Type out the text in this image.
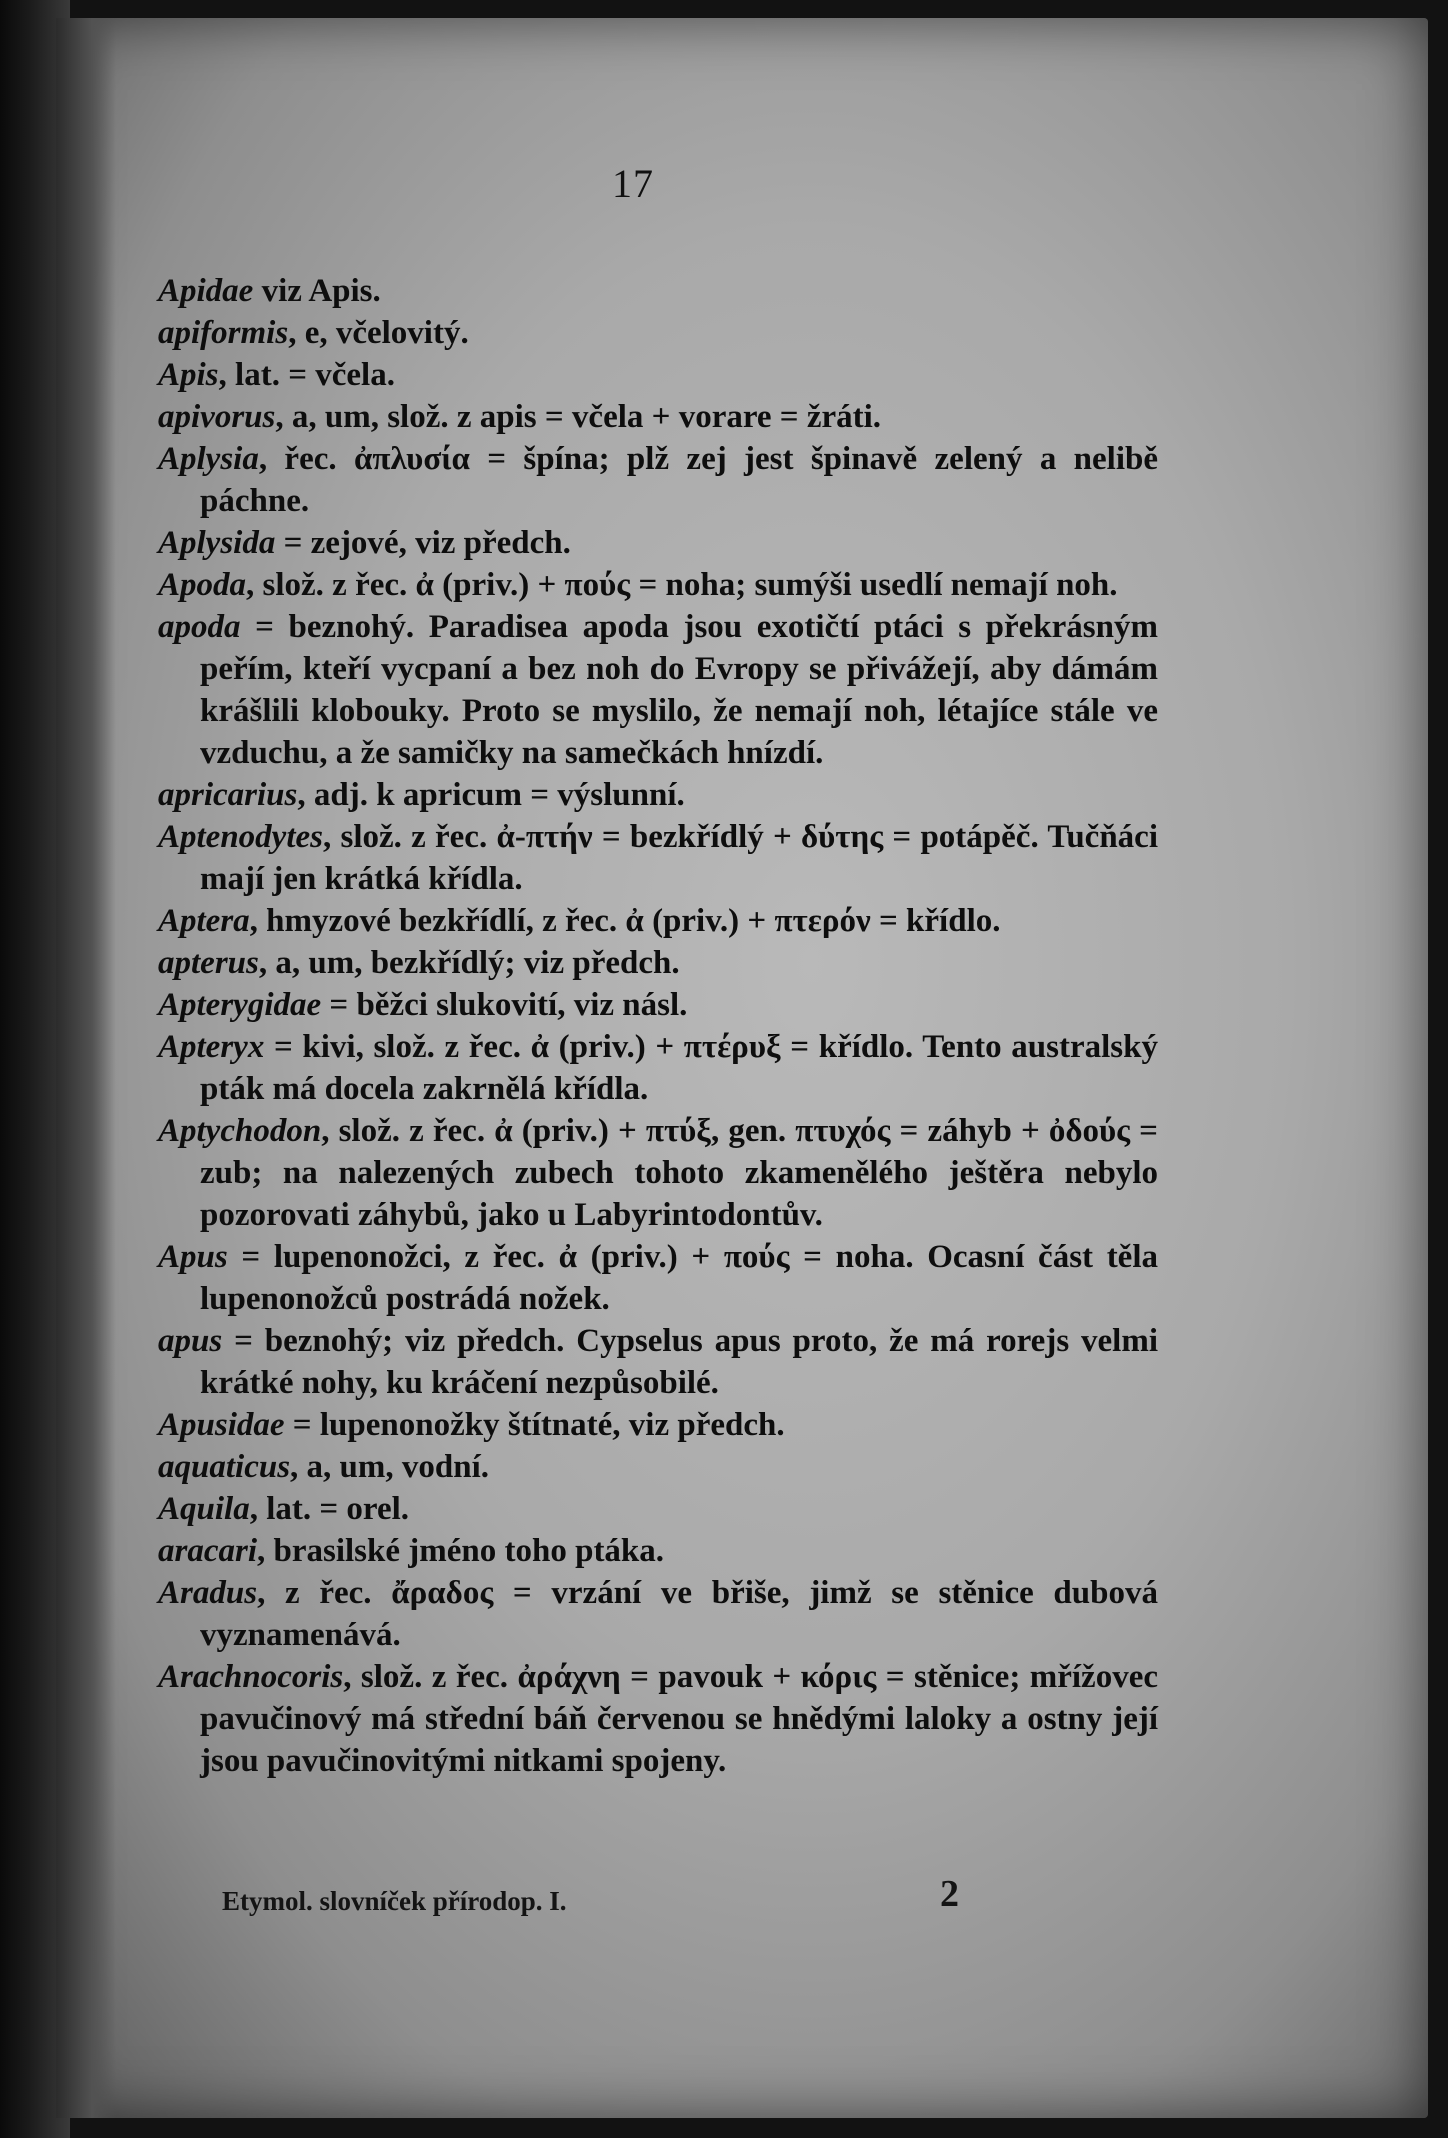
17
Apidae viz Apis.
apiformis, e, včelovitý.
Apis, lat. = včela.
apivorus, a, um, slož. z apis = včela + vorare = žráti.
Aplysia, řec. ἀπλυσία = špína; plž zej jest špinavě zelený a nelibě páchne.
Aplysida = zejové, viz předch.
Apoda, slož. z řec. ἀ (priv.) + πούς = noha; sumýši usedlí nemají noh.
apoda = beznohý. Paradisea apoda jsou exotičtí ptáci s překrásným peřím, kteří vycpaní a bez noh do Evropy se přivážejí, aby dámám krášlili klobouky. Proto se myslilo, že nemají noh, létajíce stále ve vzduchu, a že samičky na samečkách hnízdí.
apricarius, adj. k apricum = výslunní.
Aptenodytes, slož. z řec. ἀ-πτήν = bezkřídlý + δύτης = potápěč. Tučňáci mají jen krátká křídla.
Aptera, hmyzové bezkřídlí, z řec. ἀ (priv.) + πτερόν = křídlo.
apterus, a, um, bezkřídlý; viz předch.
Apterygidae = běžci slukovití, viz násl.
Apteryx = kivi, slož. z řec. ἀ (priv.) + πτέρυξ = křídlo. Tento australský pták má docela zakrnělá křídla.
Aptychodon, slož. z řec. ἀ (priv.) + πτύξ, gen. πτυχός = záhyb + ὀδούς = zub; na nalezených zubech tohoto zkamenělého ještěra nebylo pozorovati záhybů, jako u Labyrintodontův.
Apus = lupenonožci, z řec. ἀ (priv.) + πούς = noha. Ocasní část těla lupenonožců postrádá nožek.
apus = beznohý; viz předch. Cypselus apus proto, že má rorejs velmi krátké nohy, ku kráčení nezpůsobilé.
Apusidae = lupenonožky štítnaté, viz předch.
aquaticus, a, um, vodní.
Aquila, lat. = orel.
aracari, brasilské jméno toho ptáka.
Aradus, z řec. ἄραδος = vrzání ve břiše, jimž se stěnice dubová vyznamenává.
Arachnocoris, slož. z řec. ἀράχνη = pavouk + κόρις = stěnice; mřížovec pavučinový má střední báň červenou se hnědými laloky a ostny její jsou pavučinovitými nitkami spojeny.
Etymol. slovníček přírodop. I.	2
